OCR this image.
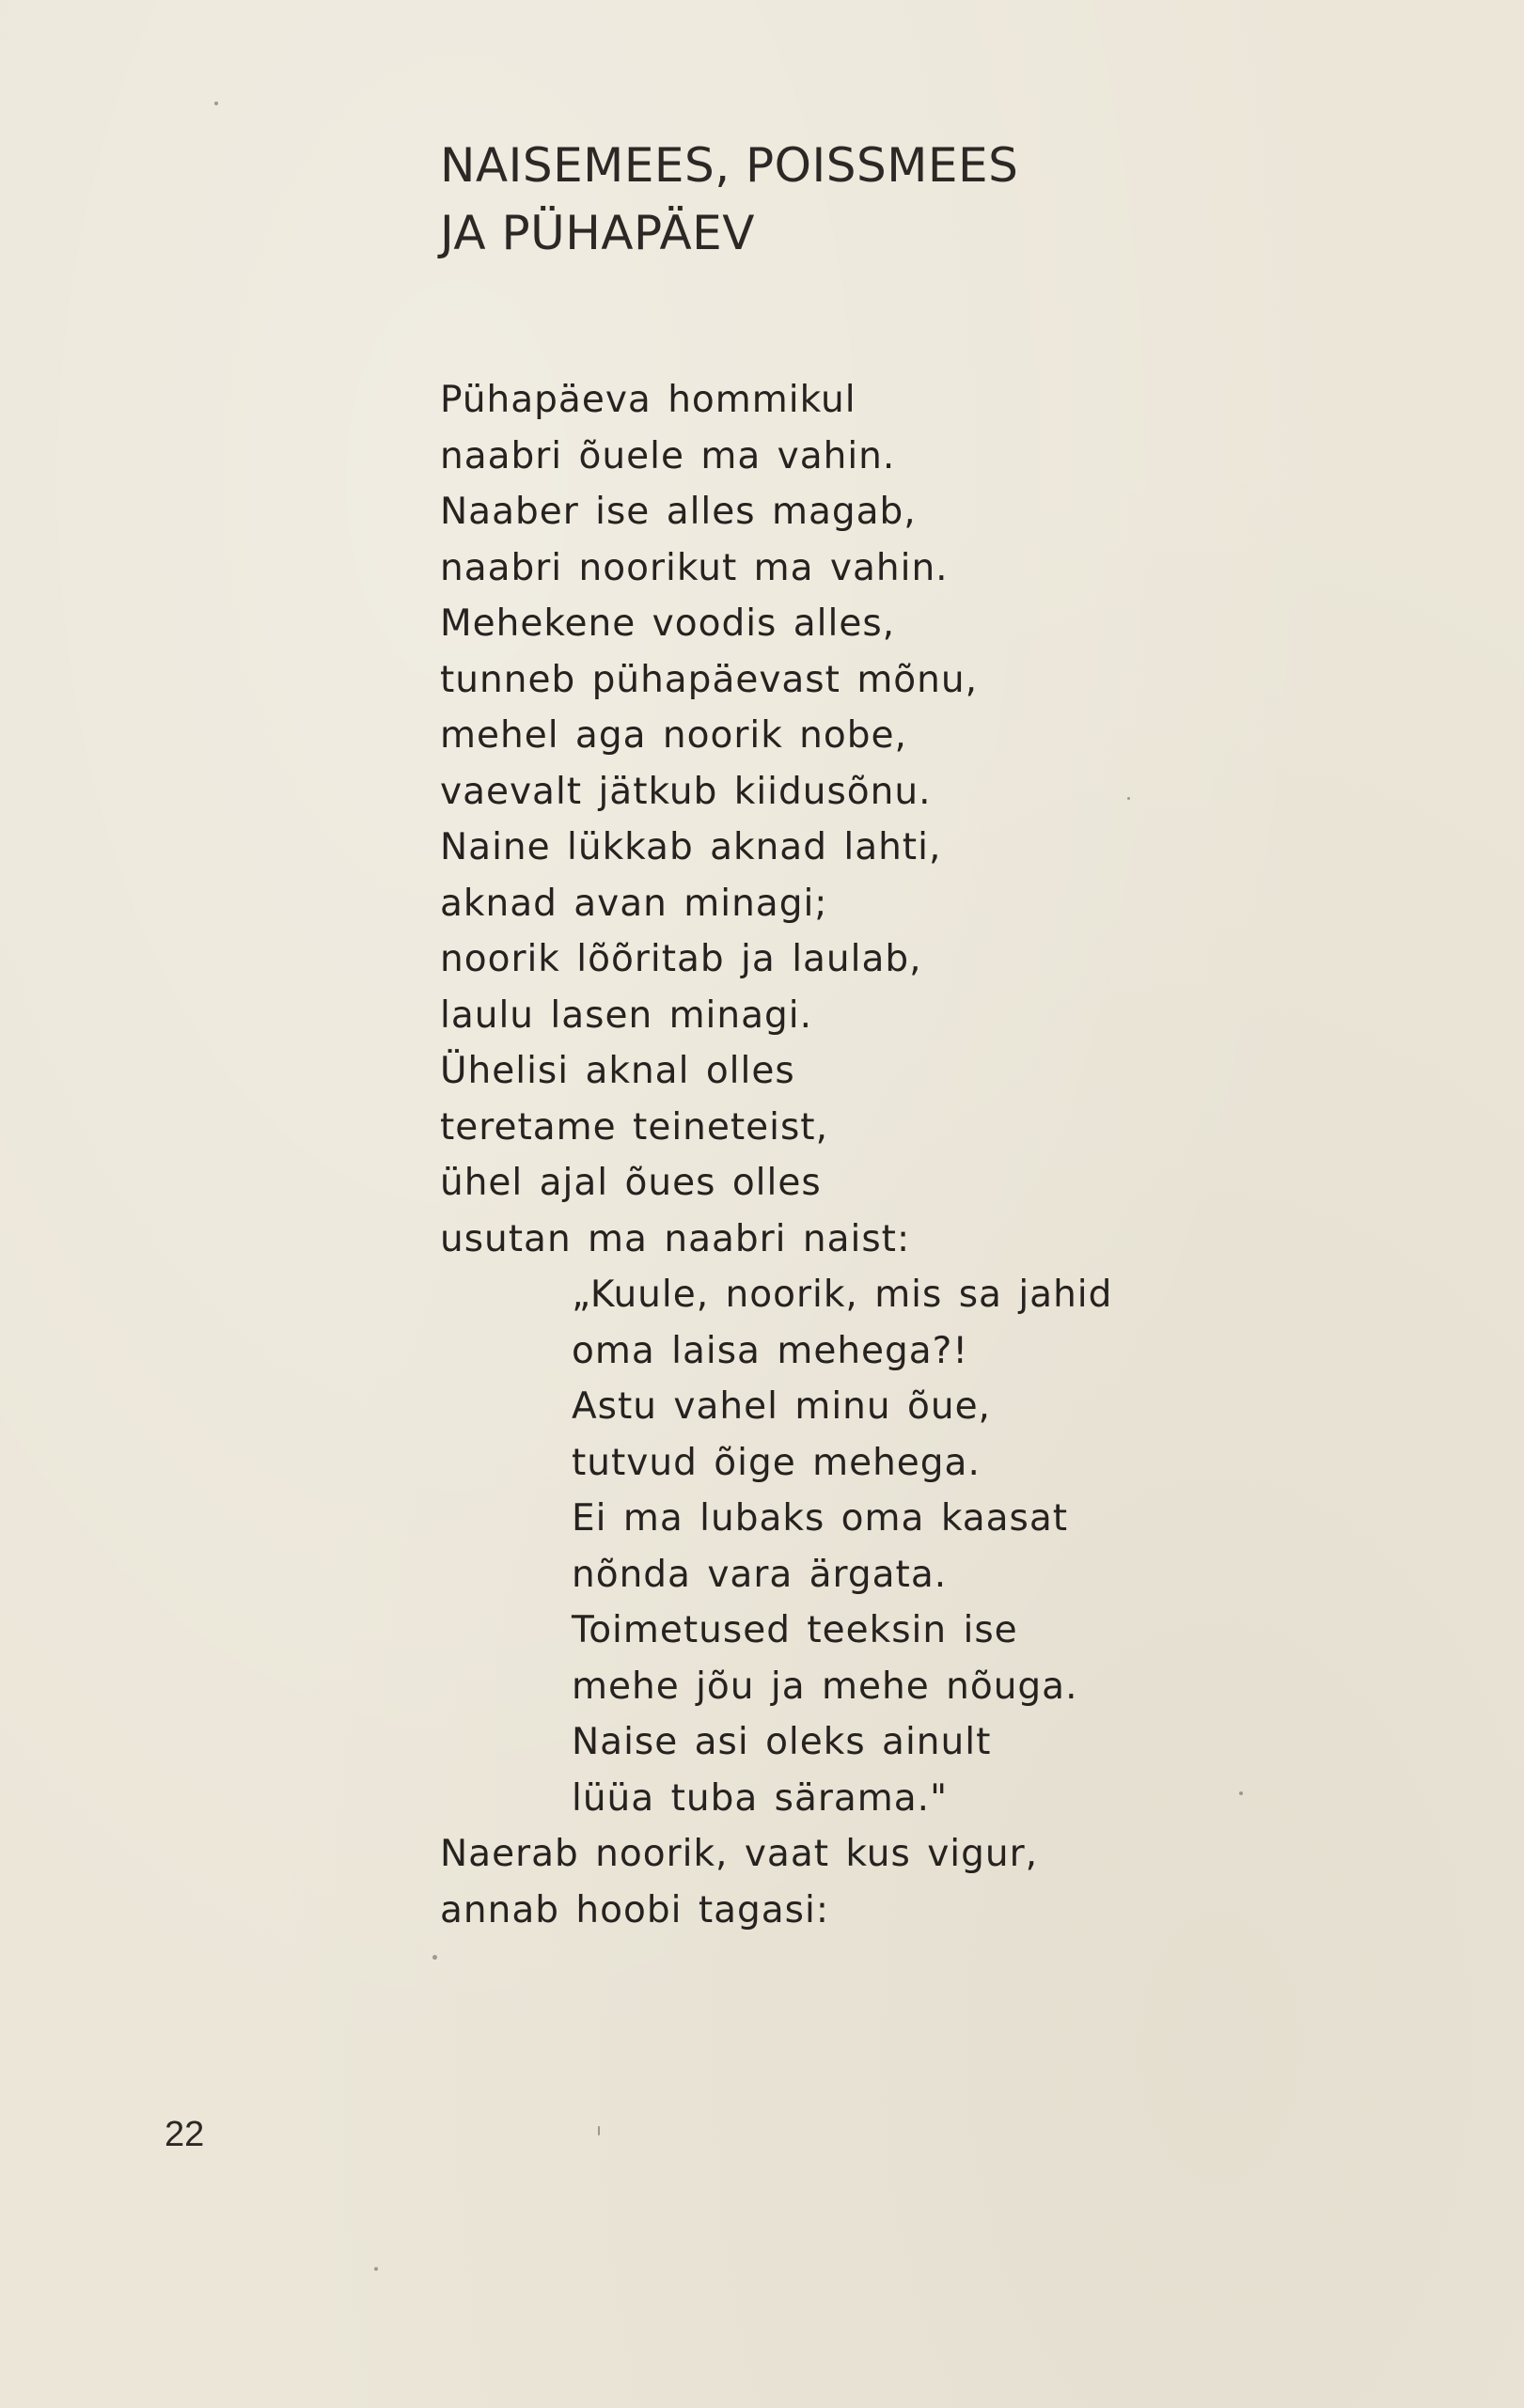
NAISEMEES, POISSMEES
JA PÜHAPÄEV
Pühapäeva hommikul
naabri õuele ma vahin.
Naaber ise alles magab,
naabri noorikut ma vahin.
Mehekene voodis alles,
tunneb pühapäevast mõnu,
mehel aga noorik nobe,
vaevalt jätkub kiidusõnu.
Naine lükkab aknad lahti,
aknad avan minagi;
noorik lõõritab ja laulab,
laulu lasen minagi.
Ühelisi aknal olles
teretame teineteist,
ühel ajal õues olles
usutan ma naabri naist:
„Kuule, noorik, mis sa jahid
oma laisa mehega?!
Astu vahel minu õue,
tutvud õige mehega.
Ei ma lubaks oma kaasat
nõnda vara ärgata.
Toimetused teeksin ise
mehe jõu ja mehe nõuga.
Naise asi oleks ainult
lüüa tuba särama."
Naerab noorik, vaat kus vigur,
annab hoobi tagasi:
22
